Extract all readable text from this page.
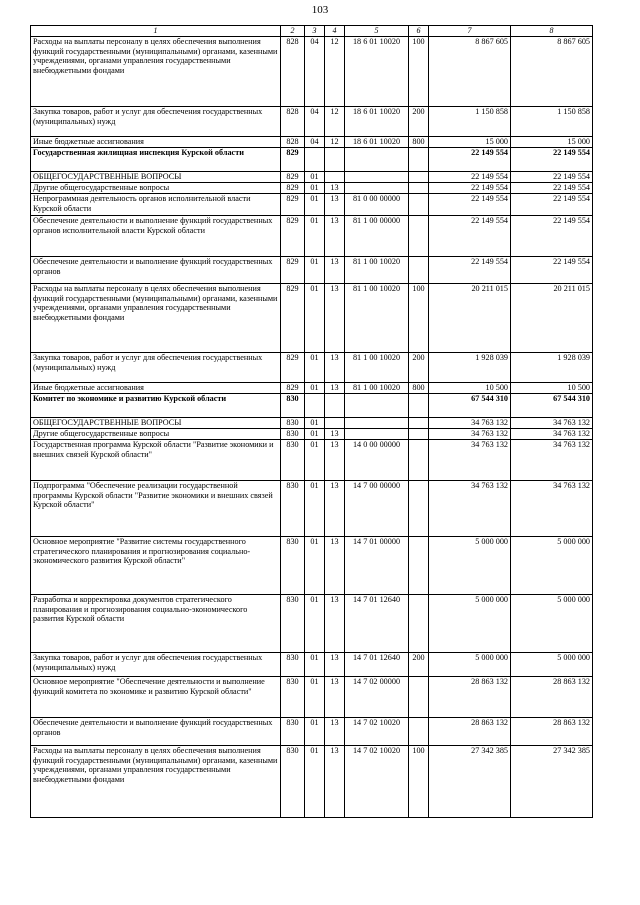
103
1	2	3	4	5	6	7	8
Расходы на выплаты персоналу в целях обеспечения выполнения функций государственными (муниципальными) органами, казенными учреждениями, органами управления государственными внебюджетными фондами	828	04	12	18 6 01 10020	100	8 867 605	8 867 605
Закупка товаров, работ и услуг для обеспечения государственных (муниципальных) нужд	828	04	12	18 6 01 10020	200	1 150 858	1 150 858
Иные бюджетные ассигнования	828	04	12	18 6 01 10020	800	15 000	15 000
Государственная жилищная инспекция Курской области	829					22 149 554	22 149 554
ОБЩЕГОСУДАРСТВЕННЫЕ ВОПРОСЫ	829	01				22 149 554	22 149 554
Другие общегосударственные вопросы	829	01	13			22 149 554	22 149 554
Непрограммная деятельность органов исполнительной власти Курской области	829	01	13	81 0 00 00000		22 149 554	22 149 554
Обеспечение деятельности и выполнение функций государственных органов исполнительной власти Курской области	829	01	13	81 1 00 00000		22 149 554	22 149 554
Обеспечение деятельности и выполнение функций государственных органов	829	01	13	81 1 00 10020		22 149 554	22 149 554
Расходы на выплаты персоналу в целях обеспечения выполнения функций государственными (муниципальными) органами, казенными учреждениями, органами управления государственными внебюджетными фондами	829	01	13	81 1 00 10020	100	20 211 015	20 211 015
Закупка товаров, работ и услуг для обеспечения государственных (муниципальных) нужд	829	01	13	81 1 00 10020	200	1 928 039	1 928 039
Иные бюджетные ассигнования	829	01	13	81 1 00 10020	800	10 500	10 500
Комитет по экономике и развитию Курской области	830					67 544 310	67 544 310
ОБЩЕГОСУДАРСТВЕННЫЕ ВОПРОСЫ	830	01				34 763 132	34 763 132
Другие общегосударственные вопросы	830	01	13			34 763 132	34 763 132
Государственная программа Курской области "Развитие экономики и внешних связей Курской области"	830	01	13	14 0 00 00000		34 763 132	34 763 132
Подпрограмма "Обеспечение реализации государственной программы Курской области "Развитие экономики и внешних связей Курской области"	830	01	13	14 7 00 00000		34 763 132	34 763 132
Основное мероприятие "Развитие системы государственного стратегического планирования и прогнозирования социально-экономического развития Курской области"	830	01	13	14 7 01 00000		5 000 000	5 000 000
Разработка и корректировка документов стратегического планирования и прогнозирования социально-экономического развития Курской области	830	01	13	14 7 01 12640		5 000 000	5 000 000
Закупка товаров, работ и услуг для обеспечения государственных (муниципальных) нужд	830	01	13	14 7 01 12640	200	5 000 000	5 000 000
Основное мероприятие "Обеспечение деятельности и выполнение функций комитета по экономике и развитию Курской области"	830	01	13	14 7 02 00000		28 863 132	28 863 132
Обеспечение деятельности и выполнение функций государственных органов	830	01	13	14 7 02 10020		28 863 132	28 863 132
Расходы на выплаты персоналу в целях обеспечения выполнения функций государственными (муниципальными) органами, казенными учреждениями, органами управления государственными внебюджетными фондами	830	01	13	14 7 02 10020	100	27 342 385	27 342 385
